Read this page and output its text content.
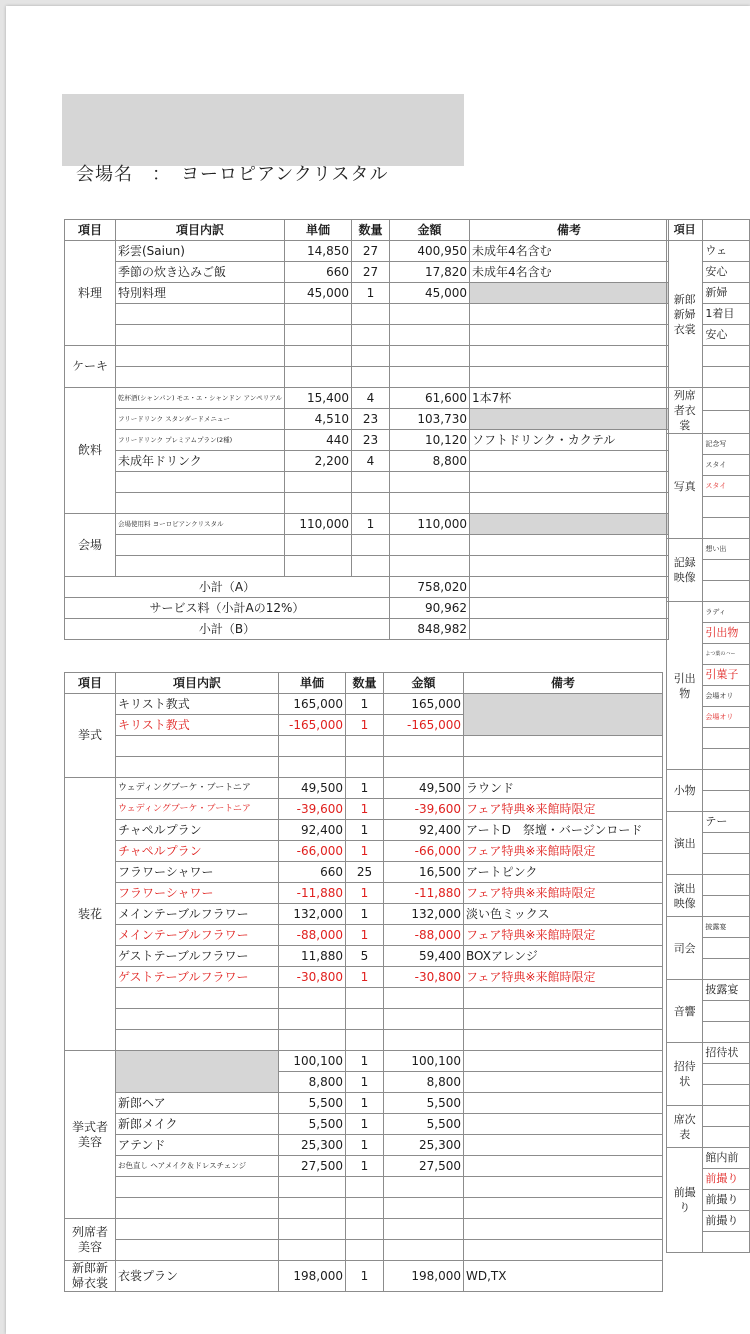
会場名　：　ヨーロピアンクリスタル
項目	項目内訳	単価	数量	金額	備考
料理	彩雲(Saiun)	14,850	27	400,950	未成年4名含む
	季節の炊き込みご飯	660	27	17,820	未成年4名含む
	特別料理	45,000	1	45,000	

ケーキ					

飲料	乾杯酒(シャンパン) モエ・エ・シャンドン アンペリアル	15,400	4	61,600	1本7杯
	フリードリンク スタンダードメニュー	4,510	23	103,730	
	フリードリンク プレミアムプラン(2種)	440	23	10,120	ソフトドリンク・カクテル
	未成年ドリンク	2,200	4	8,800	

会場	会場使用料 ヨーロピアンクリスタル	110,000	1	110,000	

小計（A）				758,020	
サービス料（小計Aの12%）				90,962	
小計（B）				848,982	
項目	項目内訳	単価	数量	金額	備考
挙式	キリスト教式	165,000	1	165,000	
	キリスト教式	-165,000	1	-165,000	

装花	ウェディングブーケ・ブートニア	49,500	1	49,500	ラウンド
	ウェディングブーケ・ブートニア	-39,600	1	-39,600	フェア特典※来館時限定
	チャペルプラン	92,400	1	92,400	アートD　祭壇・バージンロード
	チャペルプラン	-66,000	1	-66,000	フェア特典※来館時限定
	フラワーシャワー	660	25	16,500	アートピンク
	フラワーシャワー	-11,880	1	-11,880	フェア特典※来館時限定
	メインテーブルフラワー	132,000	1	132,000	淡い色ミックス
	メインテーブルフラワー	-88,000	1	-88,000	フェア特典※来館時限定
	ゲストテーブルフラワー	11,880	5	59,400	BOXアレンジ
	ゲストテーブルフラワー	-30,800	1	-30,800	フェア特典※来館時限定

挙式者美容		100,100	1	100,100	
		8,800	1	8,800	
	新郎ヘア	5,500	1	5,500	
	新郎メイク	5,500	1	5,500	
	アテンド	25,300	1	25,300	
	お色直し ヘアメイク＆ドレスチェンジ	27,500	1	27,500	

列席者美容					

新郎新婦衣裳	衣裳プラン	198,000	1	198,000	WD,TX

項目	
新郎新婦衣裳	ウェ
	安心
	新婦
	1着目
	安心

列席者衣裳	

写真	記念写
	スタイ
	スタイ

記録映像	想い出

引出物	ラディ
	引出物
	よつ葉のハー
	引菓子
	会場オリ
	会場オリ

小物	

演出	テー

演出映像	

司会	披露宴

音響	披露宴

招待状	招待状

席次表	

前撮り	館内前
	前撮り
	前撮り
	前撮り
